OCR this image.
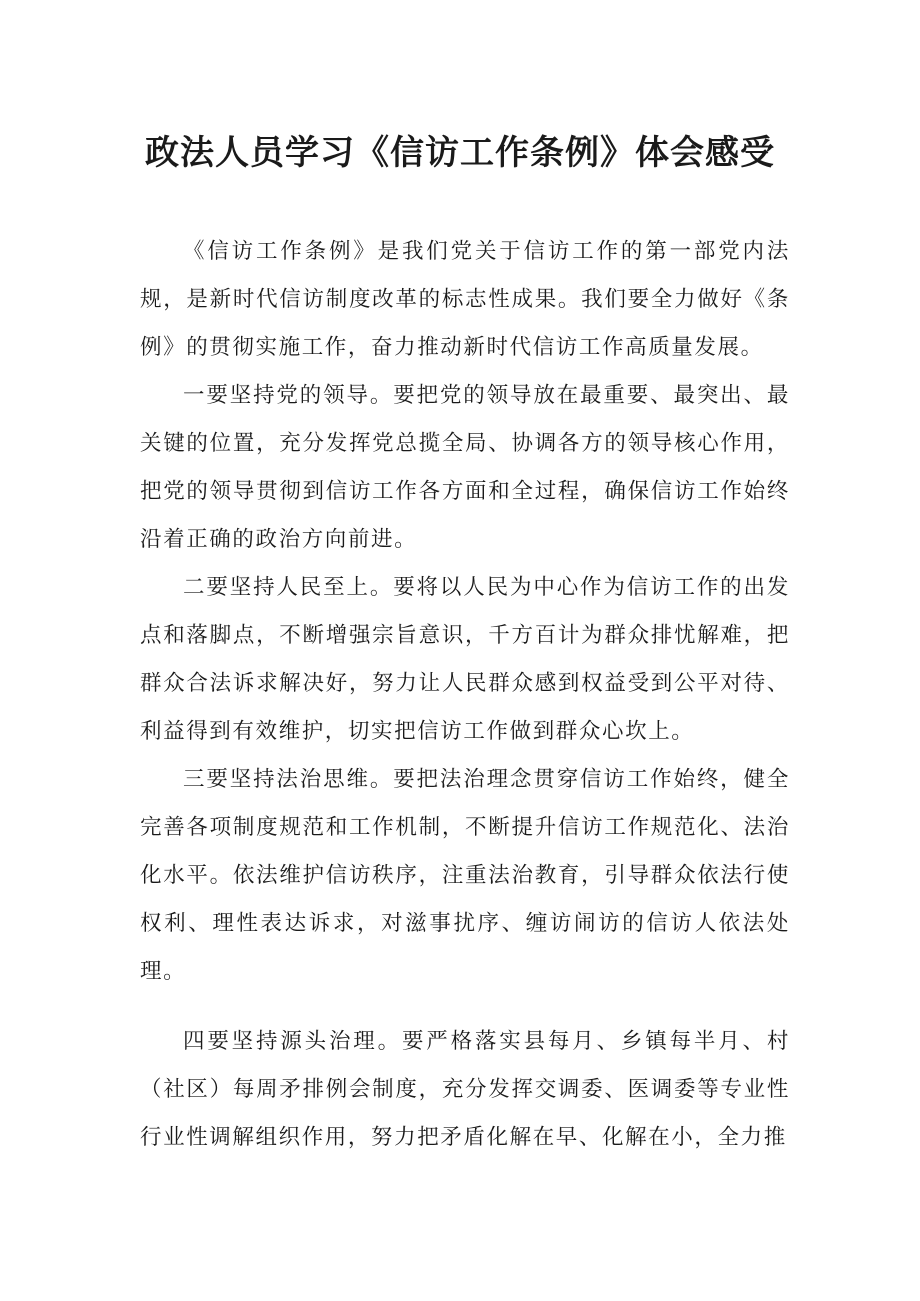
政法人员学习《信访工作条例》体会感受

《信访工作条例》是我们党关于信访工作的第一部党内法规，是新时代信访制度改革的标志性成果。我们要全力做好《条例》的贯彻实施工作，奋力推动新时代信访工作高质量发展。

一要坚持党的领导。要把党的领导放在最重要、最突出、最关键的位置，充分发挥党总揽全局、协调各方的领导核心作用，把党的领导贯彻到信访工作各方面和全过程，确保信访工作始终沿着正确的政治方向前进。

二要坚持人民至上。要将以人民为中心作为信访工作的出发点和落脚点，不断增强宗旨意识，千方百计为群众排忧解难，把群众合法诉求解决好，努力让人民群众感到权益受到公平对待、利益得到有效维护，切实把信访工作做到群众心坎上。

三要坚持法治思维。要把法治理念贯穿信访工作始终，健全完善各项制度规范和工作机制，不断提升信访工作规范化、法治化水平。依法维护信访秩序，注重法治教育，引导群众依法行使权利、理性表达诉求，对滋事扰序、缠访闹访的信访人依法处理。

四要坚持源头治理。要严格落实县每月、乡镇每半月、村（社区）每周矛排例会制度，充分发挥交调委、医调委等专业性行业性调解组织作用，努力把矛盾化解在早、化解在小，全力推
